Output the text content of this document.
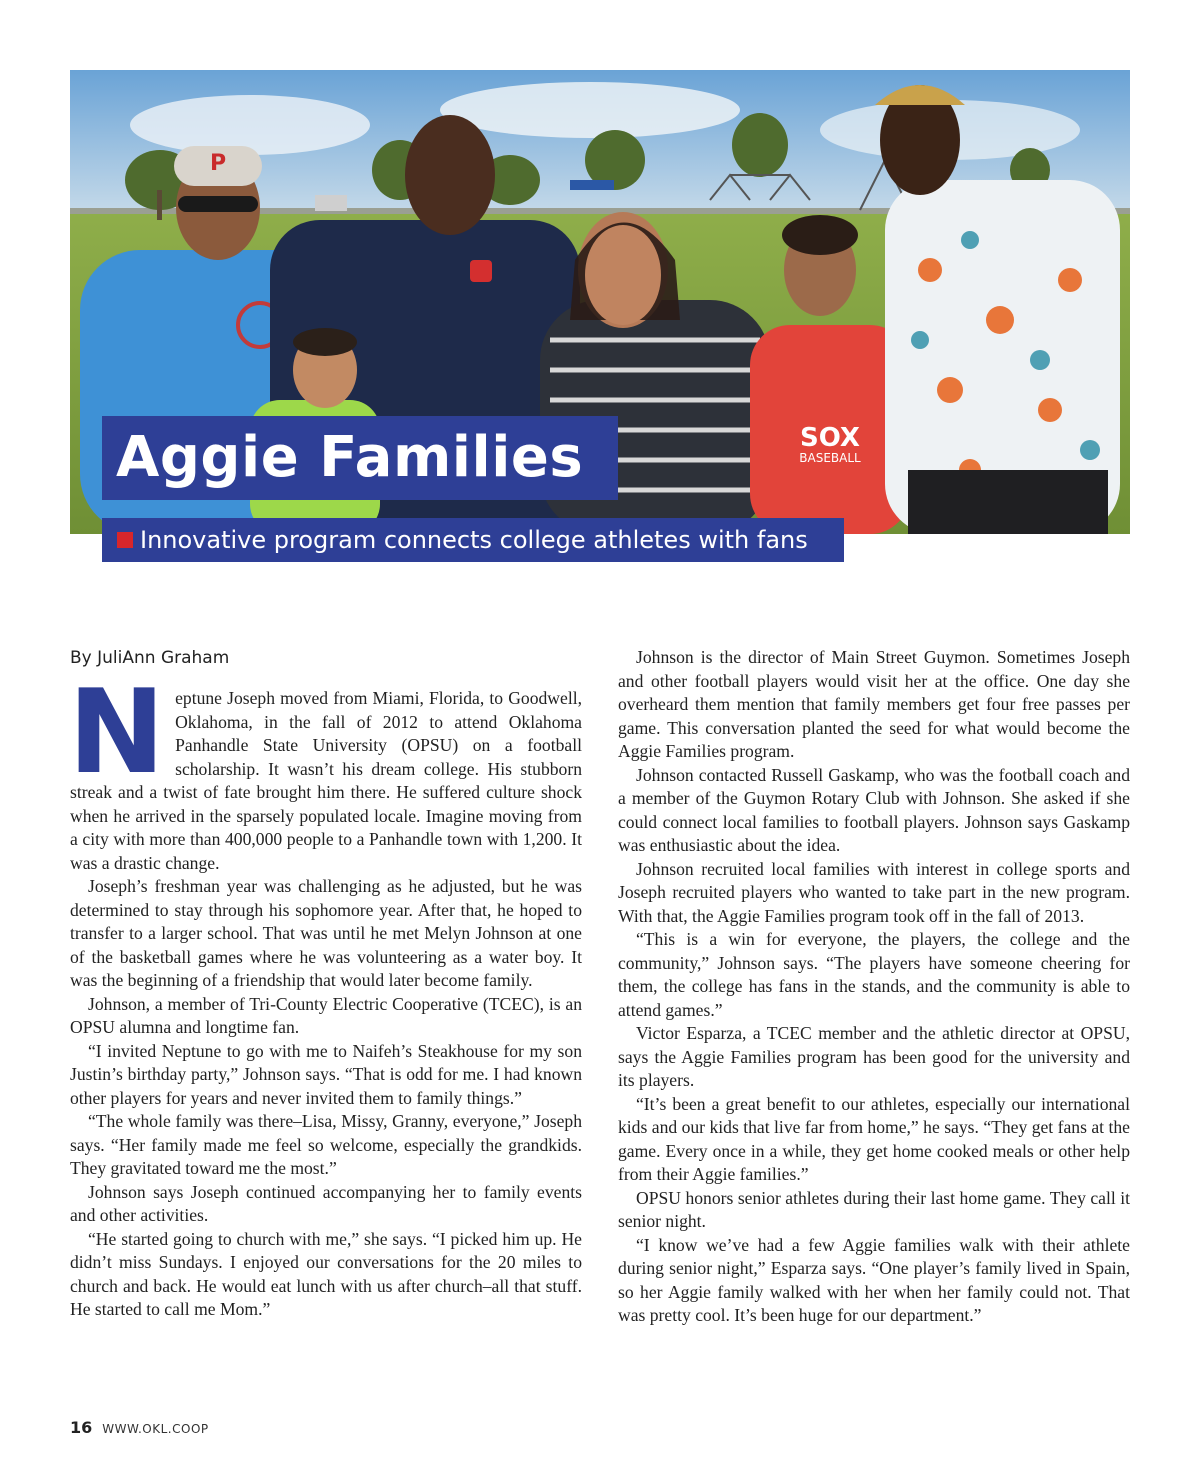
SOX
BASEBALL
P
Aggie Families
Innovative program connects college athletes with fans
By JuliAnn Graham

Neptune Joseph moved from Miami, Florida, to Goodwell, Oklahoma, in the fall of 2012 to attend Oklahoma Panhandle State University (OPSU) on a football scholarship. It wasn’t his dream college. His stubborn streak and a twist of fate brought him there. He suffered culture shock when he arrived in the sparsely populated locale. Imagine moving from a city with more than 400,000 people to a Panhandle town with 1,200. It was a drastic change.

Joseph’s freshman year was challenging as he adjusted, but he was determined to stay through his sophomore year. After that, he hoped to transfer to a larger school. That was until he met Melyn Johnson at one of the basketball games where he was volunteering as a water boy. It was the beginning of a friendship that would later become family.

Johnson, a member of Tri-County Electric Cooperative (TCEC), is an OPSU alumna and longtime fan.

“I invited Neptune to go with me to Naifeh’s Steakhouse for my son Justin’s birthday party,” Johnson says. “That is odd for me. I had known other players for years and never invited them to family things.”

“The whole family was there–Lisa, Missy, Granny, everyone,” Joseph says. “Her family made me feel so welcome, especially the grandkids. They gravitated toward me the most.”

Johnson says Joseph continued accompanying her to family events and other activities.

“He started going to church with me,” she says. “I picked him up. He didn’t miss Sundays. I enjoyed our conversations for the 20 miles to church and back. He would eat lunch with us after church–all that stuff. He started to call me Mom.”

Johnson is the director of Main Street Guymon. Sometimes Joseph and other football players would visit her at the office. One day she overheard them mention that family members get four free passes per game. This conversation planted the seed for what would become the Aggie Families program.

Johnson contacted Russell Gaskamp, who was the football coach and a member of the Guymon Rotary Club with Johnson. She asked if she could connect local families to football players. Johnson says Gaskamp was enthusiastic about the idea.

Johnson recruited local families with interest in college sports and Joseph recruited players who wanted to take part in the new program. With that, the Aggie Families program took off in the fall of 2013.

“This is a win for everyone, the players, the college and the community,” Johnson says. “The players have someone cheering for them, the college has fans in the stands, and the community is able to attend games.”

Victor Esparza, a TCEC member and the athletic director at OPSU, says the Aggie Families program has been good for the university and its players.

“It’s been a great benefit to our athletes, especially our international kids and our kids that live far from home,” he says. “They get fans at the game. Every once in a while, they get home cooked meals or other help from their Aggie families.”

OPSU honors senior athletes during their last home game. They call it senior night.

“I know we’ve had a few Aggie families walk with their athlete during senior night,” Esparza says. “One player’s family lived in Spain, so her Aggie family walked with her when her family could not. That was pretty cool. It’s been huge for our department.”

16 WWW.OKL.COOP
